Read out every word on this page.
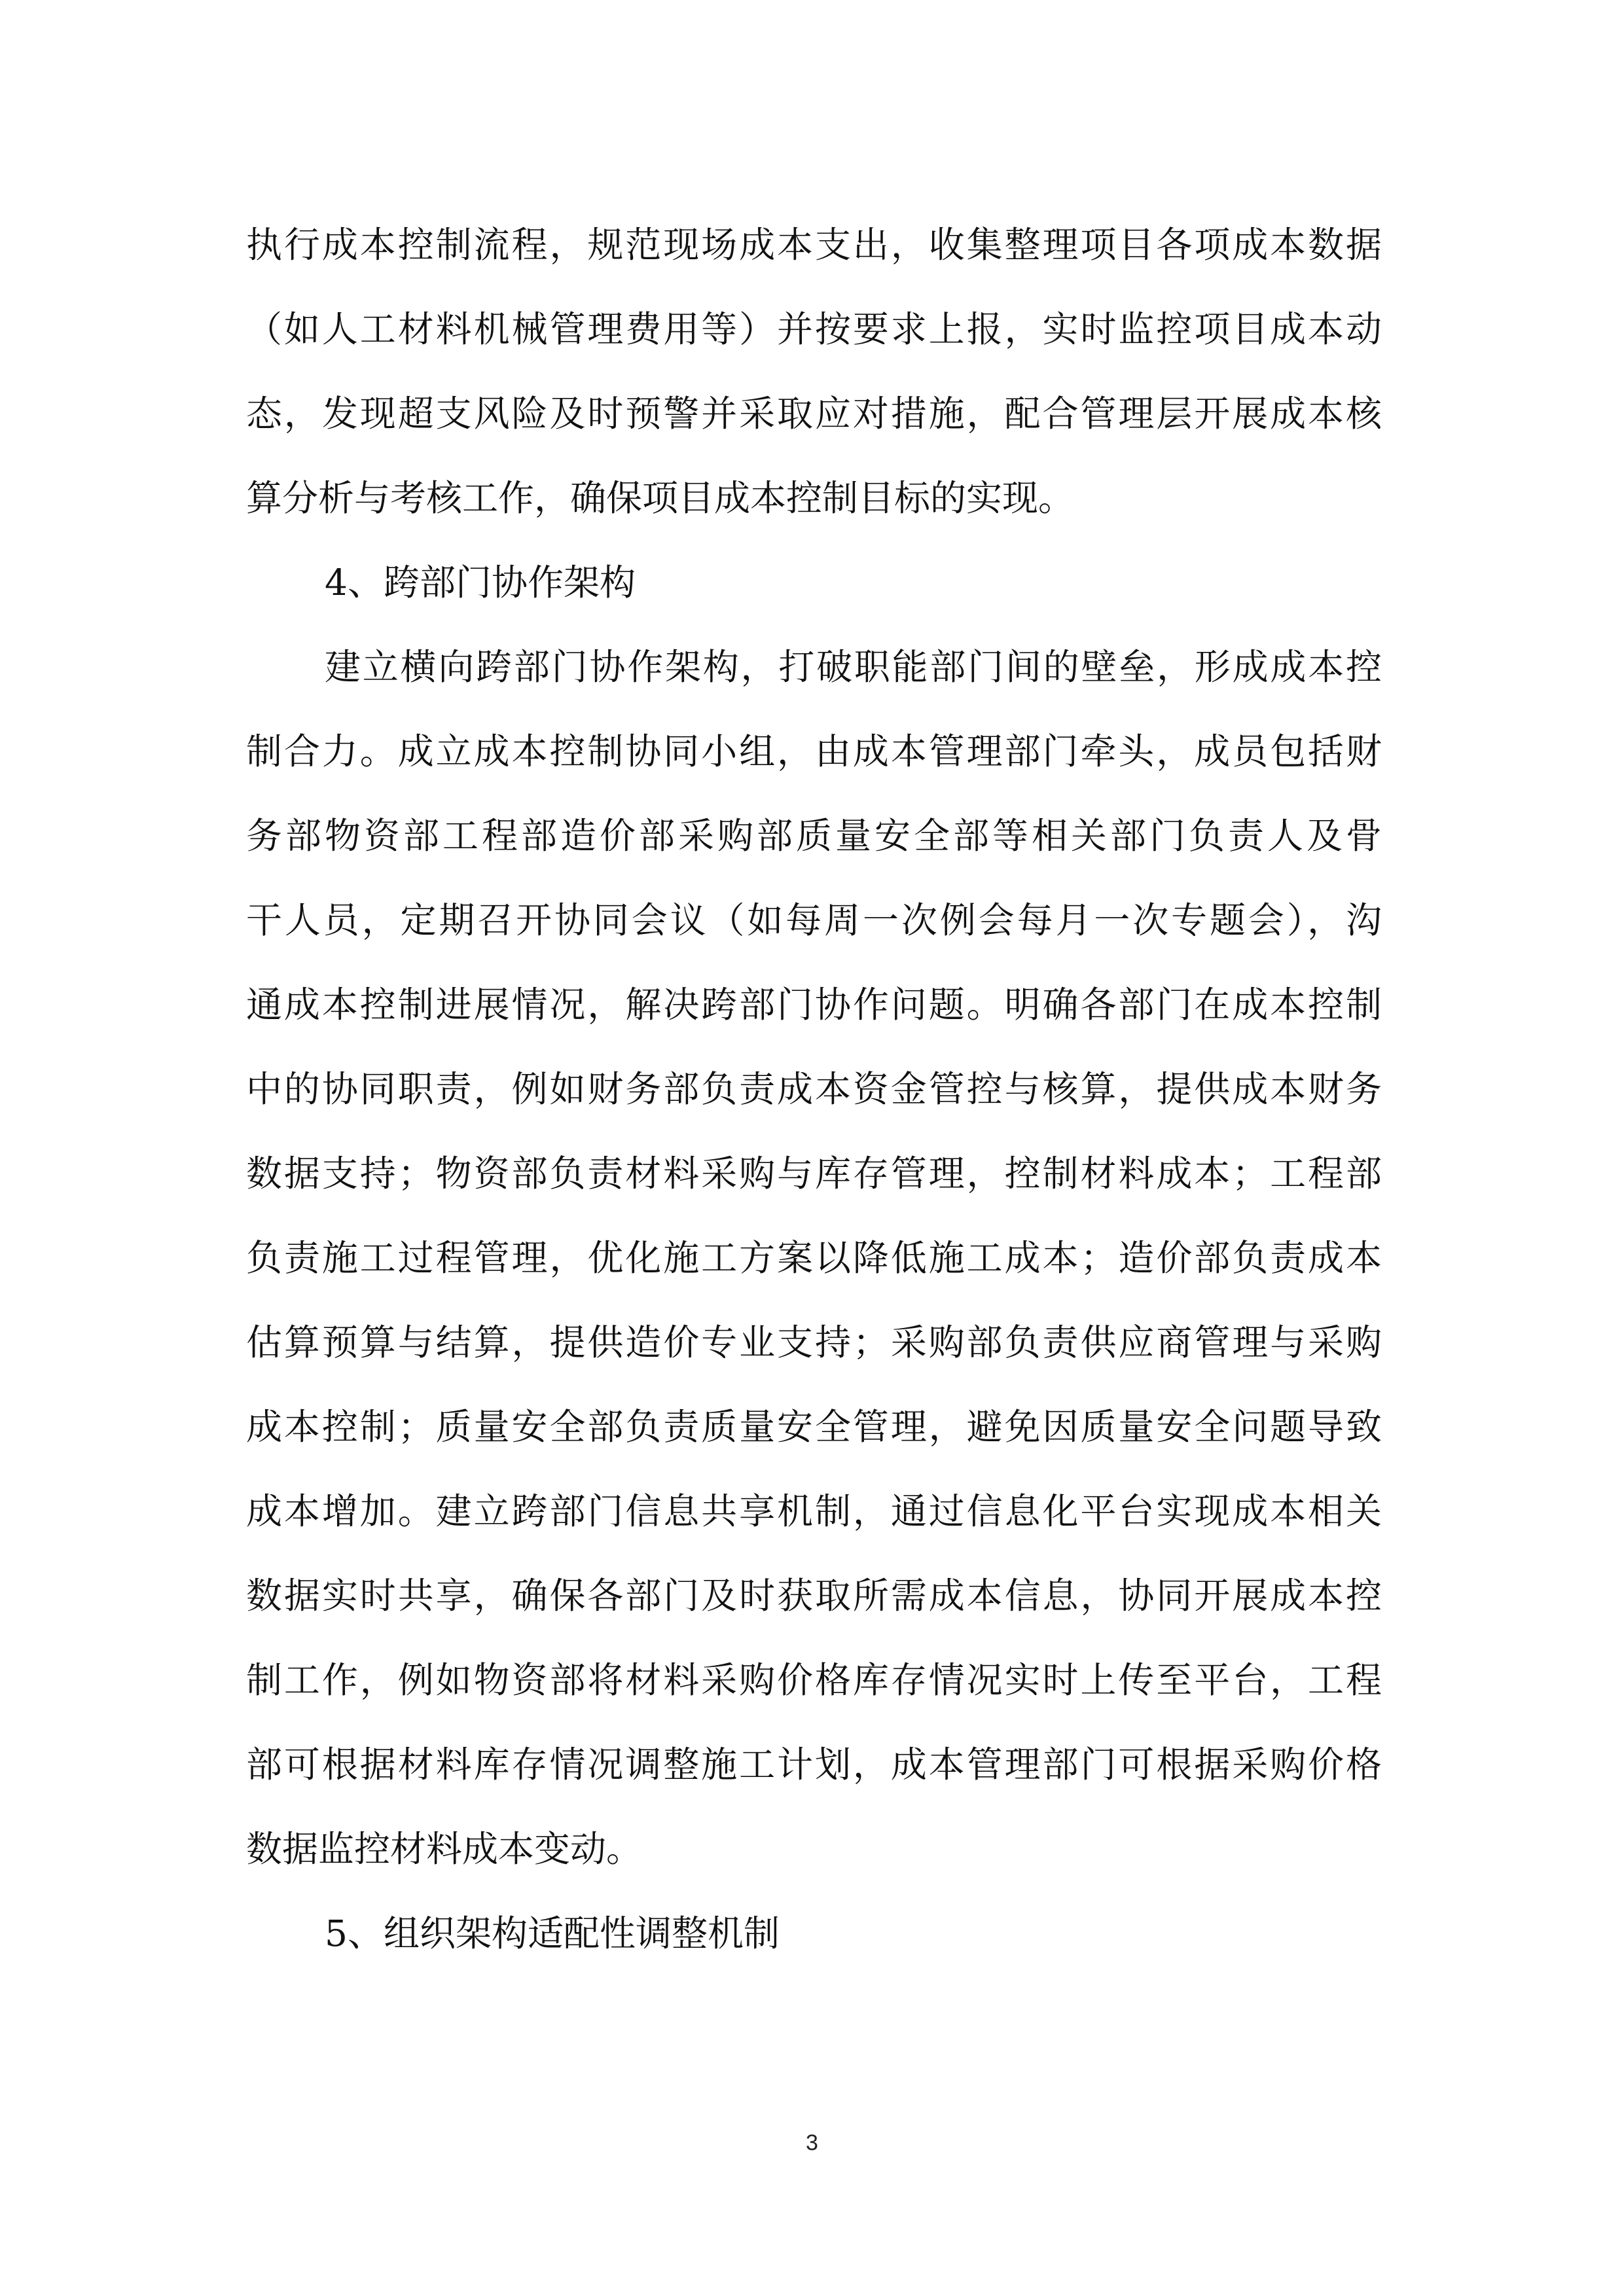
执行成本控制流程，规范现场成本支出，收集整理项目各项成本数据
（如人工材料机械管理费用等）并按要求上报，实时监控项目成本动
态，发现超支风险及时预警并采取应对措施，配合管理层开展成本核
算分析与考核工作，确保项目成本控制目标的实现。
4、跨部门协作架构
建立横向跨部门协作架构，打破职能部门间的壁垒，形成成本控
制合力。成立成本控制协同小组，由成本管理部门牵头，成员包括财
务部物资部工程部造价部采购部质量安全部等相关部门负责人及骨
干人员，定期召开协同会议（如每周一次例会每月一次专题会），沟
通成本控制进展情况，解决跨部门协作问题。明确各部门在成本控制
中的协同职责，例如财务部负责成本资金管控与核算，提供成本财务
数据支持；物资部负责材料采购与库存管理，控制材料成本；工程部
负责施工过程管理，优化施工方案以降低施工成本；造价部负责成本
估算预算与结算，提供造价专业支持；采购部负责供应商管理与采购
成本控制；质量安全部负责质量安全管理，避免因质量安全问题导致
成本增加。建立跨部门信息共享机制，通过信息化平台实现成本相关
数据实时共享，确保各部门及时获取所需成本信息，协同开展成本控
制工作，例如物资部将材料采购价格库存情况实时上传至平台，工程
部可根据材料库存情况调整施工计划，成本管理部门可根据采购价格
数据监控材料成本变动。
5、组织架构适配性调整机制
3
